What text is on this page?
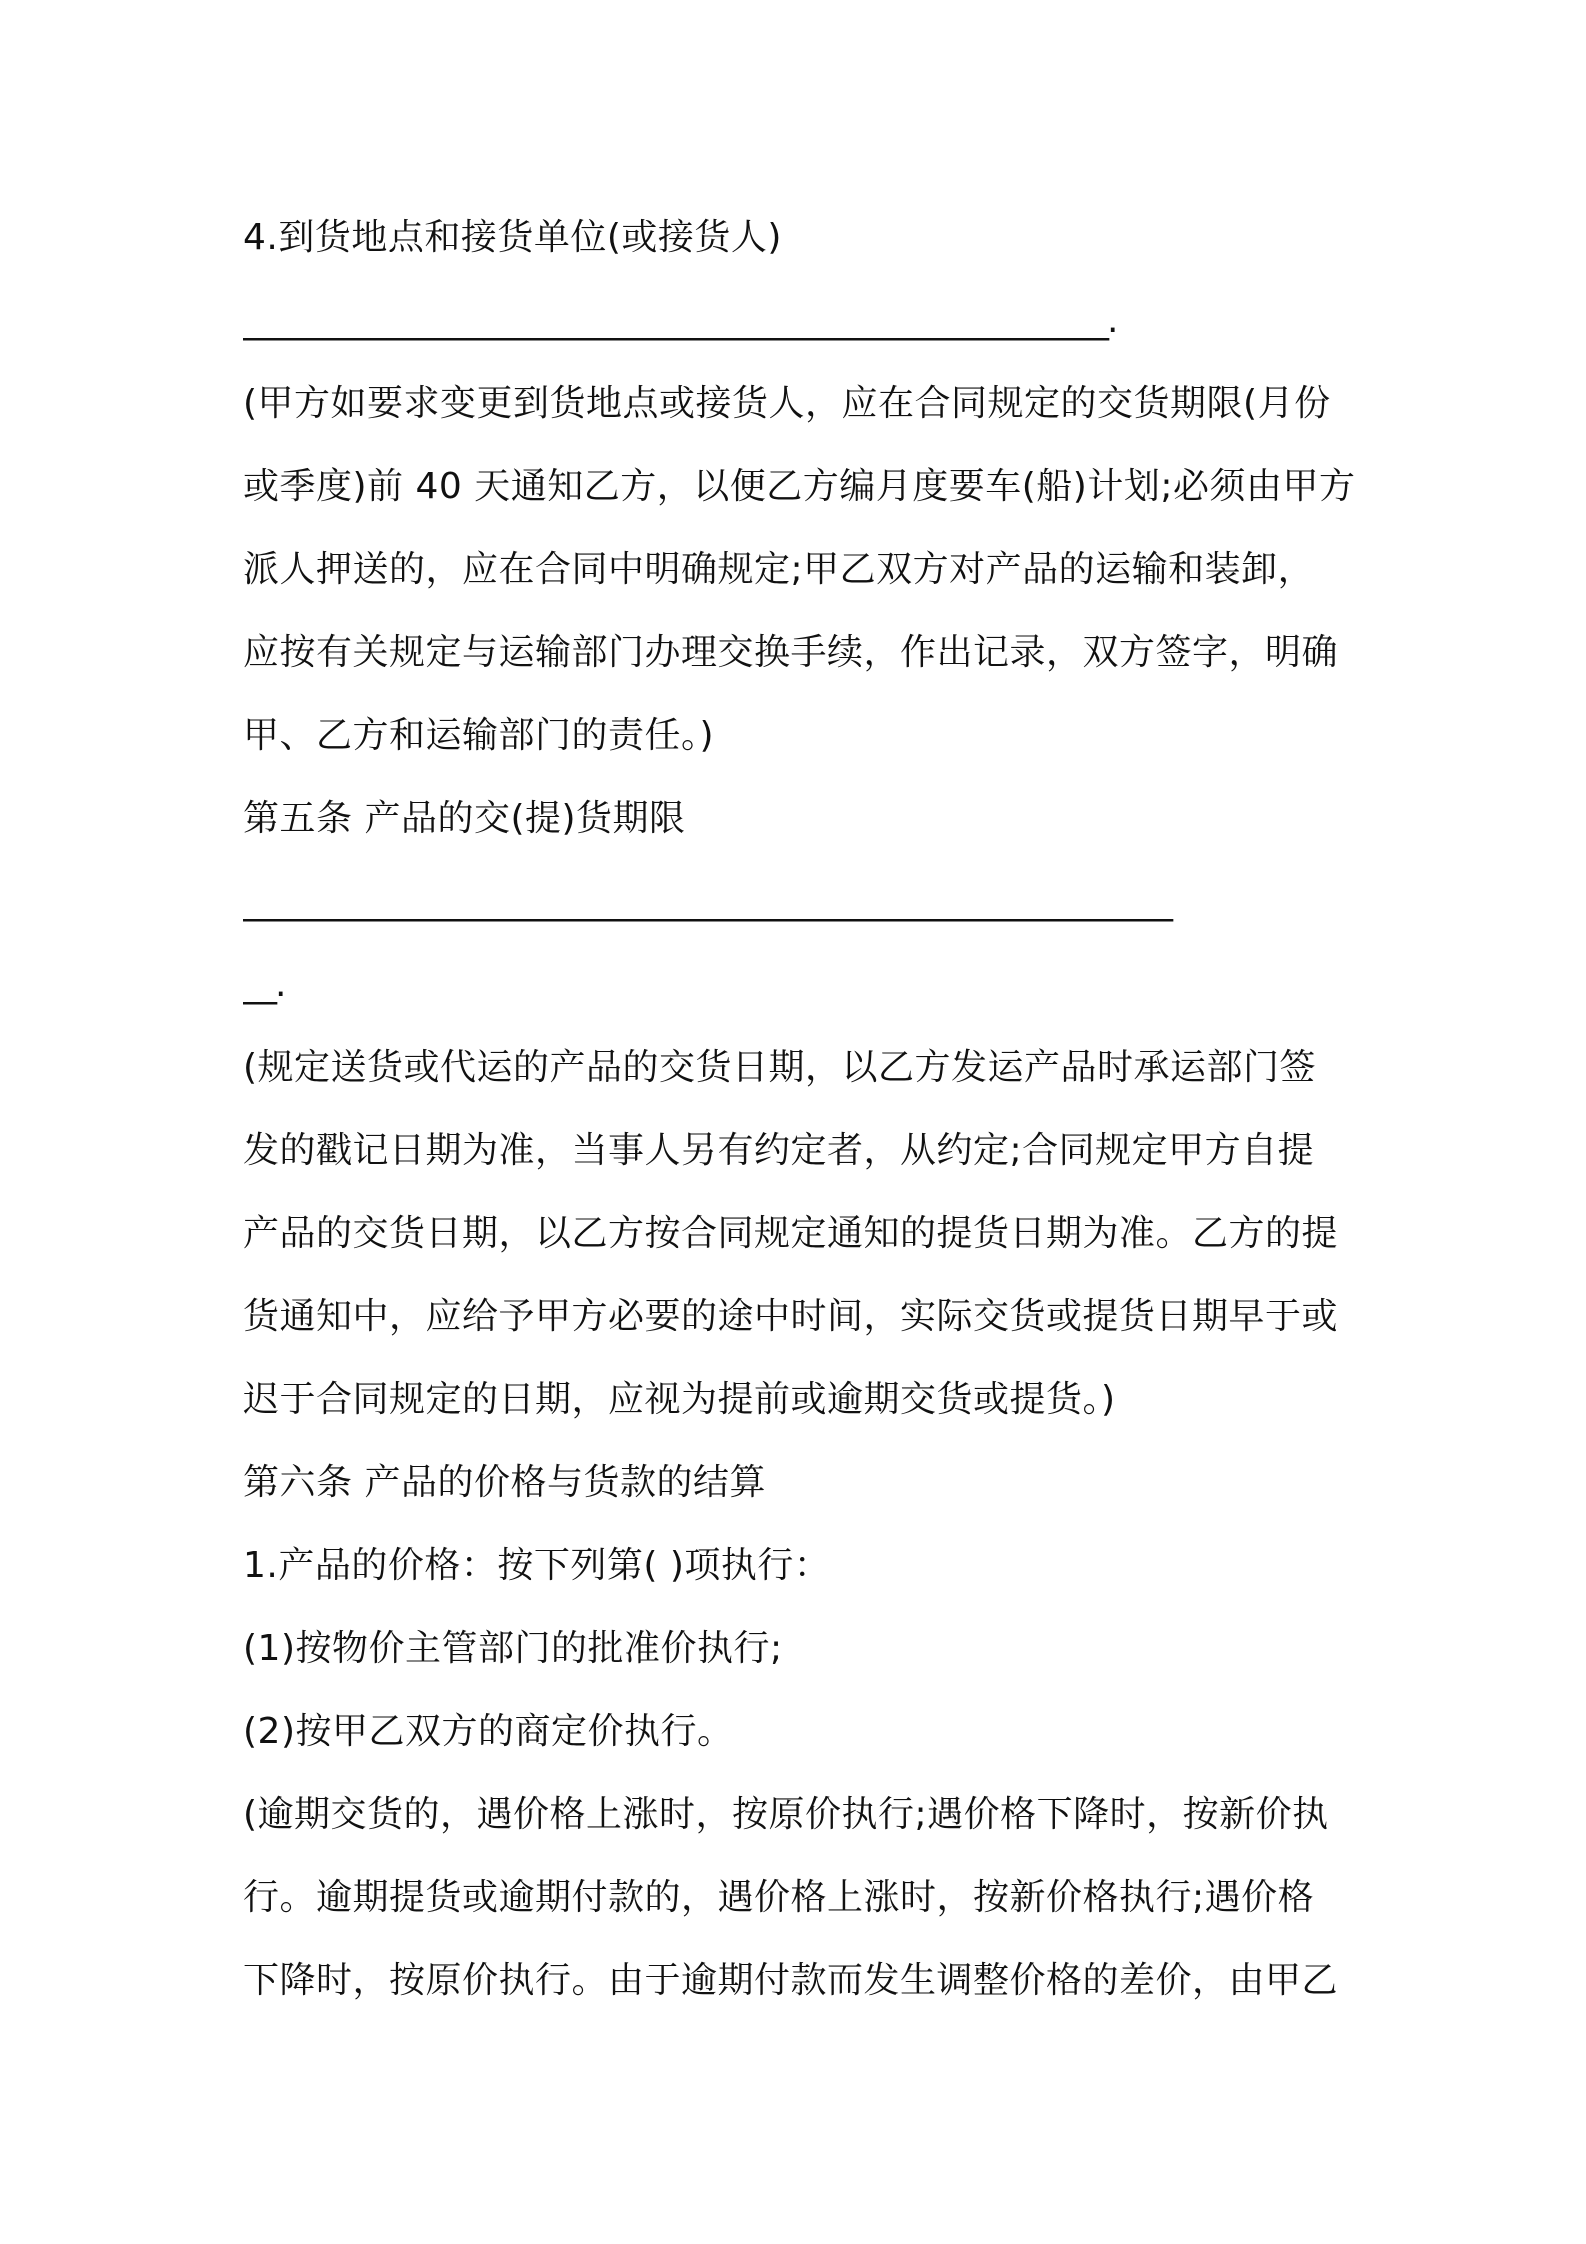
4.到货地点和接货单位(或接货人)
______________________________________________________.
(甲方如要求变更到货地点或接货人，应在合同规定的交货期限(月份
或季度)前 40 天通知乙方，以便乙方编月度要车(船)计划;必须由甲方
派人押送的，应在合同中明确规定;甲乙双方对产品的运输和装卸，
应按有关规定与运输部门办理交换手续，作出记录，双方签字，明确
甲、乙方和运输部门的责任。)
第五条 产品的交(提)货期限
__________________________________________________________
__.
(规定送货或代运的产品的交货日期，以乙方发运产品时承运部门签
发的戳记日期为准，当事人另有约定者，从约定;合同规定甲方自提
产品的交货日期，以乙方按合同规定通知的提货日期为准。乙方的提
货通知中，应给予甲方必要的途中时间，实际交货或提货日期早于或
迟于合同规定的日期，应视为提前或逾期交货或提货。)
第六条 产品的价格与货款的结算
1.产品的价格：按下列第( )项执行：
(1)按物价主管部门的批准价执行;
(2)按甲乙双方的商定价执行。
(逾期交货的，遇价格上涨时，按原价执行;遇价格下降时，按新价执
行。逾期提货或逾期付款的，遇价格上涨时，按新价格执行;遇价格
下降时，按原价执行。由于逾期付款而发生调整价格的差价，由甲乙
